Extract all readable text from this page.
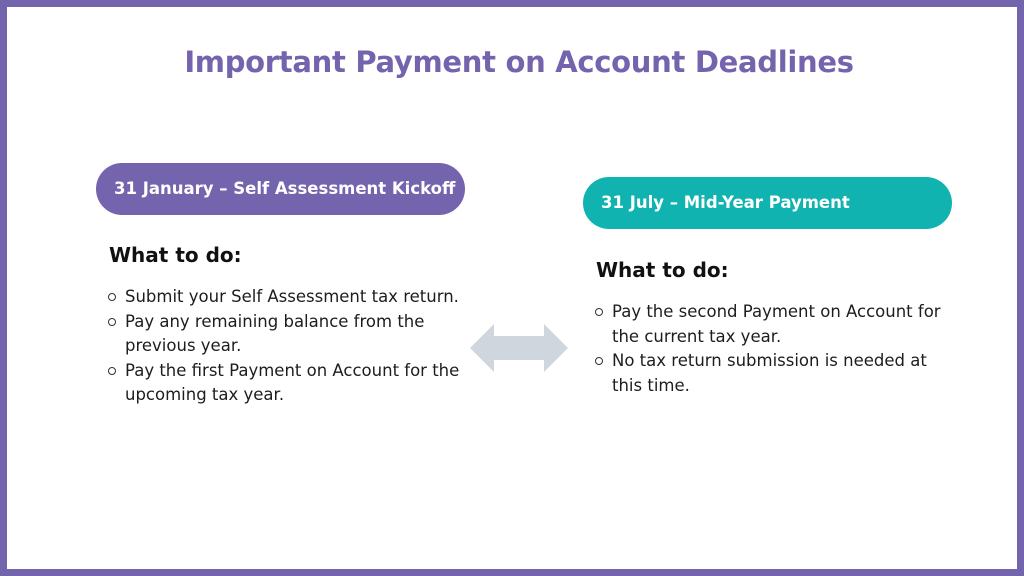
Important Payment on Account Deadlines
31 January – Self Assessment Kickoff
What to do:
Submit your Self Assessment tax return.
Pay any remaining balance from the previous year.
Pay the first Payment on Account for the upcoming tax year.
31 July – Mid-Year Payment
What to do:
Pay the second Payment on Account for the current tax year.
No tax return submission is needed at this time.
